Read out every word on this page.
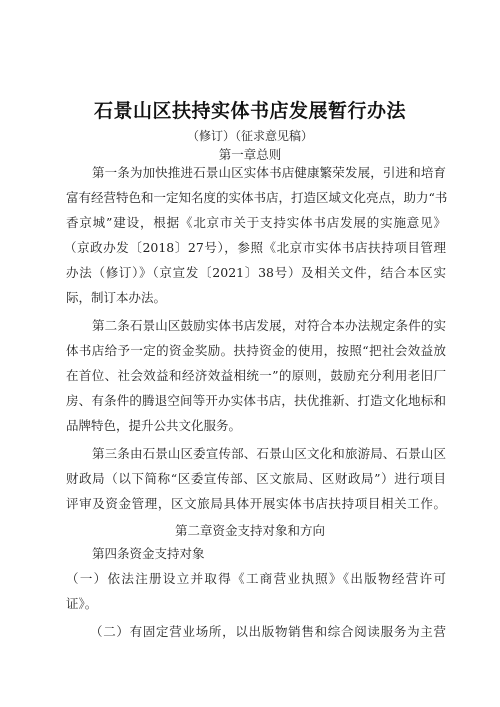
石景山区扶持实体书店发展暂行办法
（修订）（征求意见稿）
第一章总则
第一条为加快推进石景山区实体书店健康繁荣发展，引进和培育
富有经营特色和一定知名度的实体书店，打造区域文化亮点，助力“书
香京城”建设，根据《北京市关于支持实体书店发展的实施意见》
（京政办发〔2018〕27号），参照《北京市实体书店扶持项目管理
办法（修订）》（京宣发〔2021〕38号）及相关文件，结合本区实
际，制订本办法。
第二条石景山区鼓励实体书店发展，对符合本办法规定条件的实
体书店给予一定的资金奖励。扶持资金的使用，按照“把社会效益放
在首位、社会效益和经济效益相统一”的原则，鼓励充分利用老旧厂
房、有条件的腾退空间等开办实体书店，扶优推新、打造文化地标和
品牌特色，提升公共文化服务。
第三条由石景山区委宣传部、石景山区文化和旅游局、石景山区
财政局（以下简称“区委宣传部、区文旅局、区财政局”）进行项目
评审及资金管理，区文旅局具体开展实体书店扶持项目相关工作。
第二章资金支持对象和方向
第四条资金支持对象
（一）依法注册设立并取得《工商营业执照》《出版物经营许可
证》。
（二）有固定营业场所，以出版物销售和综合阅读服务为主营
